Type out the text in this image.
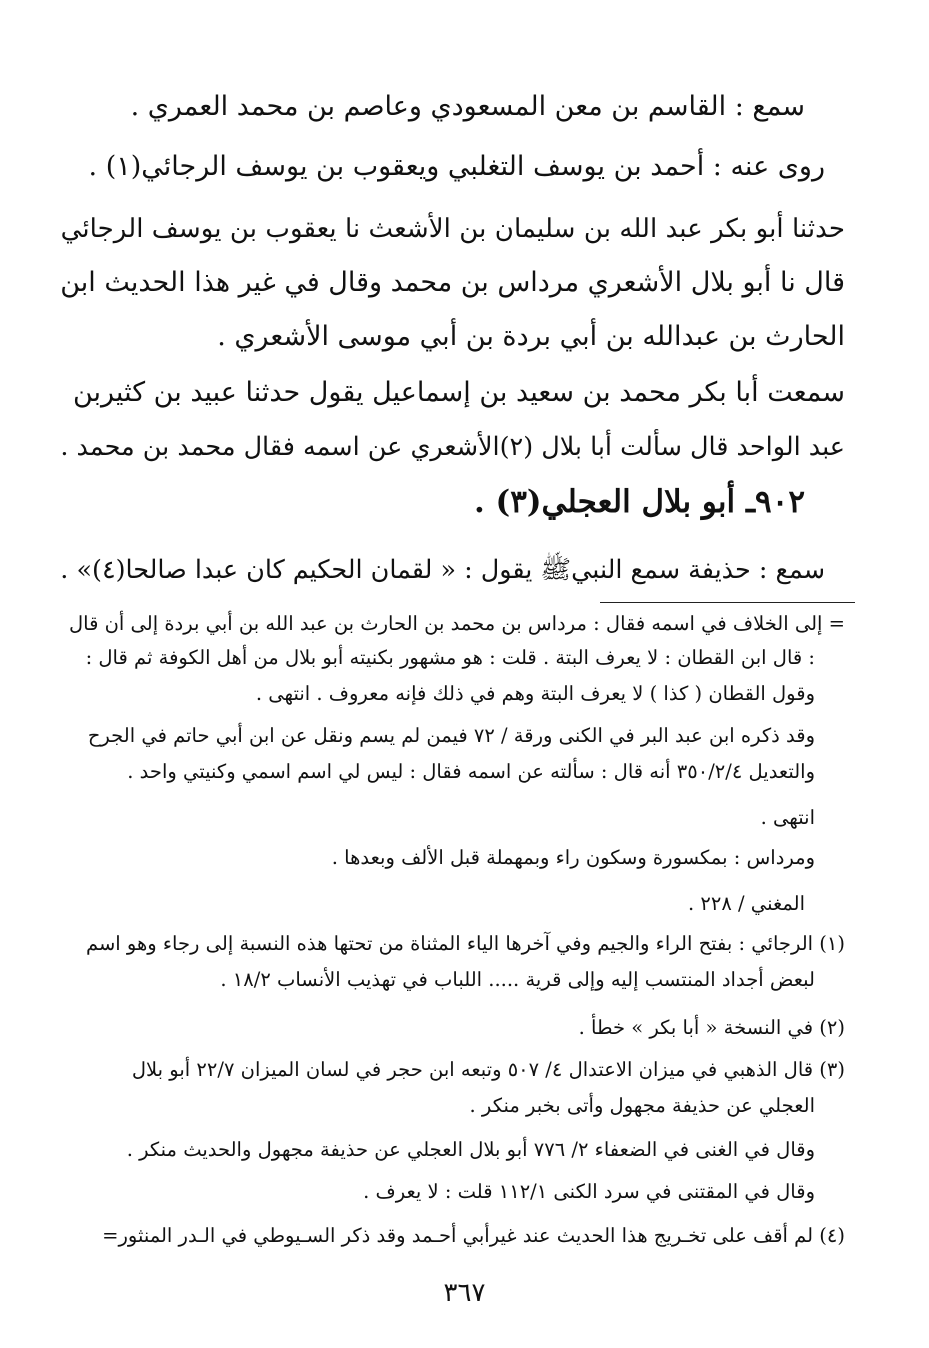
سمع : القاسم بن معن المسعودي وعاصم بن محمد العمري .
روى عنه : أحمد بن يوسف التغلبي ويعقوب بن يوسف الرجائي(١) .
حدثنا أبو بكر عبد الله بن سليمان بن الأشعث نا يعقوب بن يوسف الرجائي
قال نا أبو بلال الأشعري مرداس بن محمد وقال في غير هذا الحديث ابن
الحارث بن عبدالله بن أبي بردة بن أبي موسى الأشعري .
سمعت أبا بكر محمد بن سعيد بن إسماعيل يقول حدثنا عبيد بن كثيربن
عبد الواحد قال سألت أبا بلال (٢)الأشعري عن اسمه فقال محمد بن محمد .
٩٠٢ـ أبو بلال العجلي(٣) .
سمع : حذيفة سمع النبيﷺ يقول : « لقمان الحكيم كان عبدا صالحا(٤)» .
= إلى الخلاف في اسمه فقال : مرداس بن محمد بن الحارث بن عبد الله بن أبي بردة إلى أن قال
: قال ابن القطان : لا يعرف البتة . قلت : هو مشهور بكنيته أبو بلال من أهل الكوفة ثم قال :
وقول القطان ( كذا ) لا يعرف البتة وهم في ذلك فإنه معروف . انتهى .
وقد ذكره ابن عبد البر في الكنى ورقة / ٧٢ فيمن لم يسم ونقل عن ابن أبي حاتم في الجرح
والتعديل ٣٥٠/٢/٤ أنه قال : سألته عن اسمه فقال : ليس لي اسم اسمي وكنيتي واحد .
انتهى .
ومرداس : بمكسورة وسكون راء وبمهملة قبل الألف وبعدها .
المغني / ٢٢٨ .
(١) الرجائي : بفتح الراء والجيم وفي آخرها الياء المثناة من تحتها هذه النسبة إلى رجاء وهو اسم
لبعض أجداد المنتسب إليه وإلى قرية ..... اللباب في تهذيب الأنساب ١٨/٢ .
(٢) في النسخة « أبا بكر » خطأ .
(٣) قال الذهبي في ميزان الاعتدال ٤/ ٥٠٧ وتبعه ابن حجر في لسان الميزان ٢٢/٧ أبو بلال
العجلي عن حذيفة مجهول وأتى بخبر منكر .
وقال في الغنى في الضعفاء ٢/ ٧٧٦ أبو بلال العجلي عن حذيفة مجهول والحديث منكر .
وقال في المقتنى في سرد الكنى ١١٢/١ قلت : لا يعرف .
(٤) لم أقف على تخـريج هذا الحديث عند غيرأبي أحـمد وقد ذكر السـيوطي في الـدر المنثور=
٣٦٧
